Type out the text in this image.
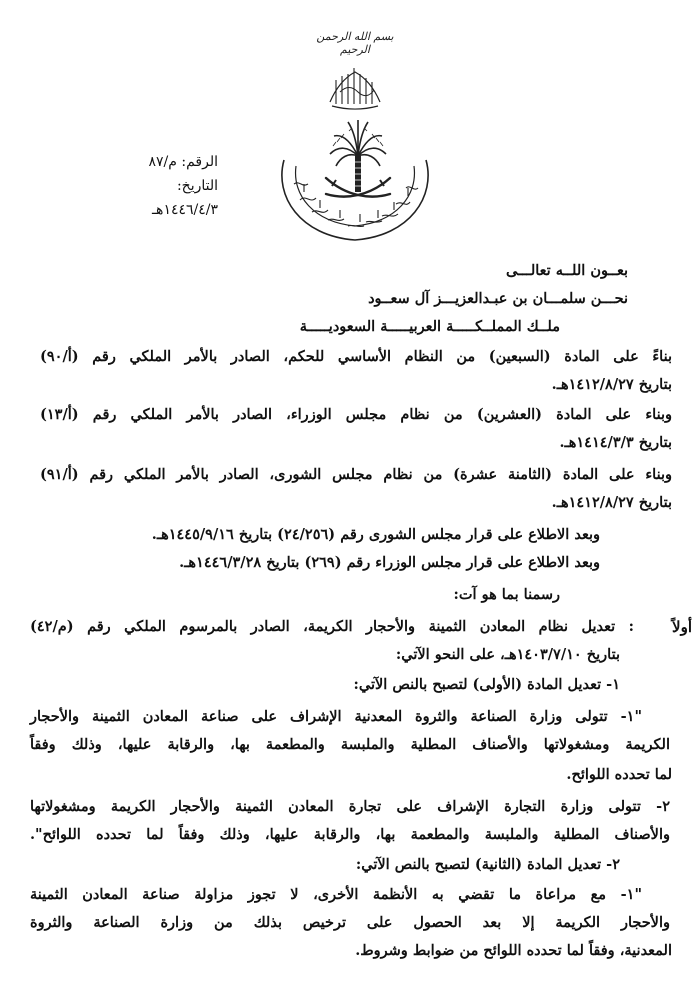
بسم الله الرحمن الرحيم
الرقم: م/٨٧
التاريخ: ١٤٤٦/٤/٣هـ
بعــون اللــه تعالـــى
نحـــن سلمـــان بن عبـدالعزيـــز آل سعــود
ملــك المملــكـــــة العربيـــــة السعوديـــــة
بناءً على المادة (السبعين) من النظام الأساسي للحكم، الصادر بالأمر الملكي رقم (أ/٩٠)
بتاريخ ١٤١٢/٨/٢٧هـ.
وبناء على المادة (العشرين) من نظام مجلس الوزراء، الصادر بالأمر الملكي رقم (أ/١٣)
بتاريخ ١٤١٤/٣/٣هـ.
وبناء على المادة (الثامنة عشرة) من نظام مجلس الشورى، الصادر بالأمر الملكي رقم (أ/٩١)
بتاريخ ١٤١٢/٨/٢٧هـ.
وبعد الاطلاع على قرار مجلس الشورى رقم (٢٤/٢٥٦) بتاريخ ١٤٤٥/٩/١٦هـ.
وبعد الاطلاع على قرار مجلس الوزراء رقم (٢٦٩) بتاريخ ١٤٤٦/٣/٢٨هـ.
رسمنا بما هو آت:
أولاً
: تعديل نظام المعادن الثمينة والأحجار الكريمة، الصادر بالمرسوم الملكي رقم (م/٤٢)
بتاريخ ١٤٠٣/٧/١٠هـ، على النحو الآتي:
١- تعديل المادة (الأولى) لتصبح بالنص الآتي:
"١- تتولى وزارة الصناعة والثروة المعدنية الإشراف على صناعة المعادن الثمينة والأحجار
الكريمة ومشغولاتها والأصناف المطلية والملبسة والمطعمة بها، والرقابة عليها، وذلك وفقاً
لما تحدده اللوائح.
٢- تتولى وزارة التجارة الإشراف على تجارة المعادن الثمينة والأحجار الكريمة ومشغولاتها
والأصناف المطلية والملبسة والمطعمة بها، والرقابة عليها، وذلك وفقاً لما تحدده اللوائح".
٢- تعديل المادة (الثانية) لتصبح بالنص الآتي:
"١- مع مراعاة ما تقضي به الأنظمة الأخرى، لا تجوز مزاولة صناعة المعادن الثمينة
والأحجار الكريمة إلا بعد الحصول على ترخيص بذلك من وزارة الصناعة والثروة
المعدنية، وفقاً لما تحدده اللوائح من ضوابط وشروط.
